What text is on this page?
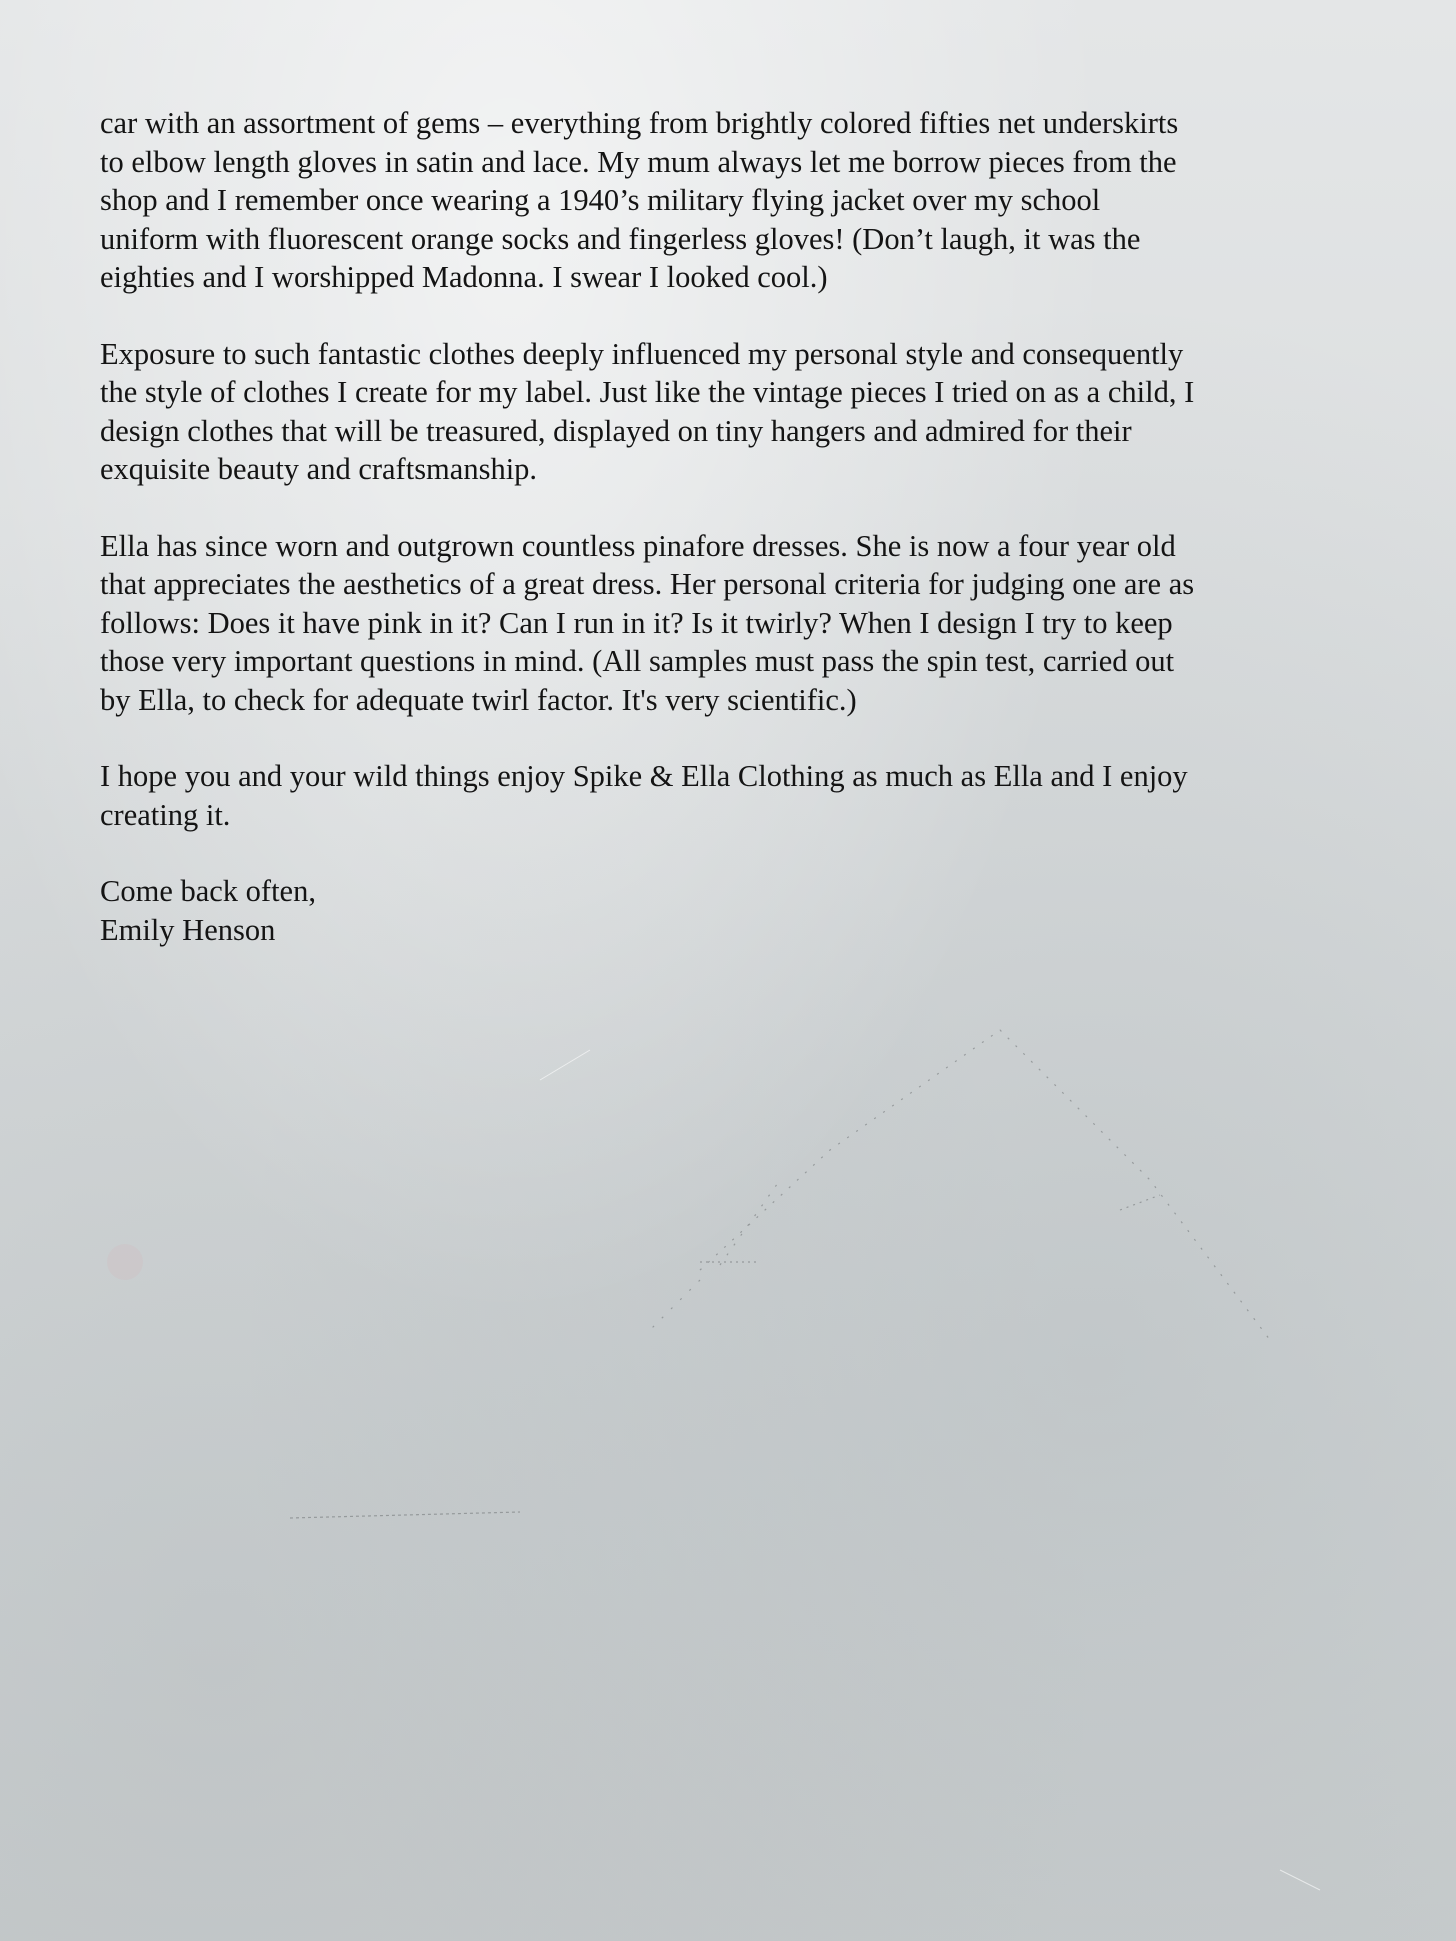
car with an assortment of gems – everything from brightly colored fifties net underskirts
to elbow length gloves in satin and lace. My mum always let me borrow pieces from the
shop and I remember once wearing a 1940’s military flying jacket over my school
uniform with fluorescent orange socks and fingerless gloves! (Don’t laugh, it was the
eighties and I worshipped Madonna. I swear I looked cool.)

Exposure to such fantastic clothes deeply influenced my personal style and consequently
the style of clothes I create for my label. Just like the vintage pieces I tried on as a child, I
design clothes that will be treasured, displayed on tiny hangers and admired for their
exquisite beauty and craftsmanship.

Ella has since worn and outgrown countless pinafore dresses. She is now a four year old
that appreciates the aesthetics of a great dress. Her personal criteria for judging one are as
follows: Does it have pink in it? Can I run in it? Is it twirly? When I design I try to keep
those very important questions in mind. (All samples must pass the spin test, carried out
by Ella, to check for adequate twirl factor. It's very scientific.)

I hope you and your wild things enjoy Spike & Ella Clothing as much as Ella and I enjoy
creating it.

Come back often,
Emily Henson
